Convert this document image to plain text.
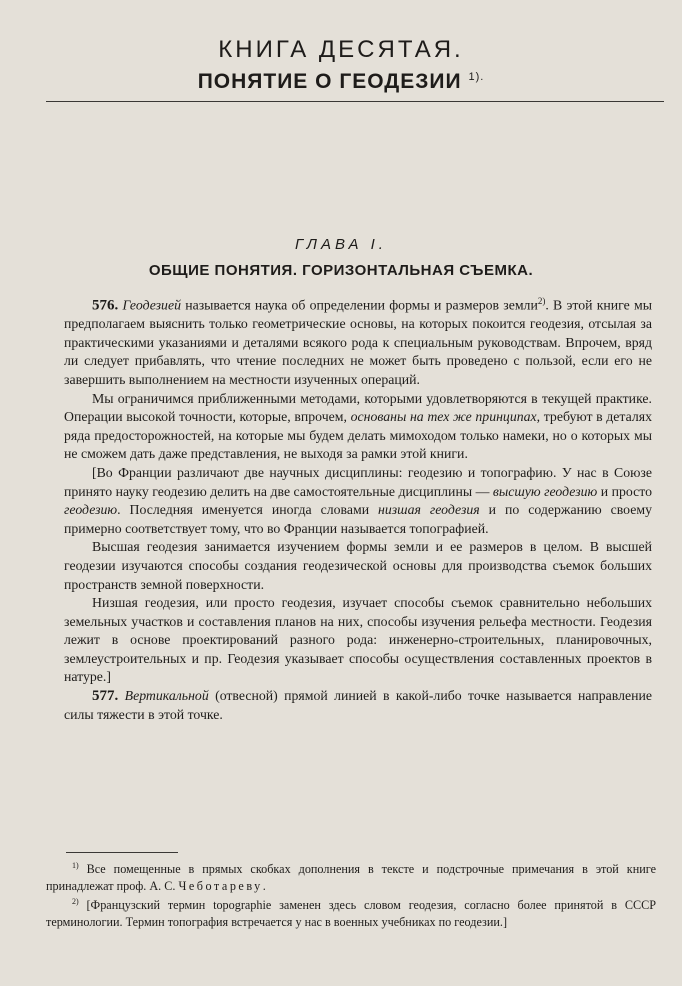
КНИГА ДЕСЯТАЯ.
ПОНЯТИЕ О ГЕОДЕЗИИ $^{1).}$
ГЛАВА I.
ОБЩИЕ ПОНЯТИЯ. ГОРИЗОНТАЛЬНАЯ СЪЕМКА.

576. Геодезией называется наука об определении формы и размеров земли$^{2)}$. В этой книге мы предполагаем выяснить только геометрические основы, на которых покоится геодезия, отсылая за практическими указаниями и деталями всякого рода к специальным руководствам. Впрочем, вряд ли следует прибавлять, что чтение последних не может быть проведено с пользой, если его не завершить выполнением на местности изученных операций.

Мы ограничимся приближенными методами, которыми удовлетворяются в текущей практике. Операции высокой точности, которые, впрочем, основаны на тех же принципах, требуют в деталях ряда предосторожностей, на которые мы будем делать мимоходом только намеки, но о которых мы не сможем дать даже представления, не выходя за рамки этой книги.

[Во Франции различают две научных дисциплины: геодезию и топографию. У нас в Союзе принято науку геодезию делить на две самостоятельные дисциплины — высшую геодезию и просто геодезию. Последняя именуется иногда словами низшая геодезия и по содержанию своему примерно соответствует тому, что во Франции называется топографией.

Высшая геодезия занимается изучением формы земли и ее размеров в целом. В высшей геодезии изучаются способы создания геодезической основы для производства съемок больших пространств земной поверхности.

Низшая геодезия, или просто геодезия, изучает способы съемок сравнительно небольших земельных участков и составления планов на них, способы изучения рельефа местности. Геодезия лежит в основе проектирований разного рода: инженерно-строительных, планировочных, землеустроительных и пр. Геодезия указывает способы осуществления составленных проектов в натуре.]

577. Вертикальной (отвесной) прямой линией в какой-либо точке называется направление силы тяжести в этой точке.

$^{1)}$ Все помещенные в прямых скобках дополнения в тексте и подстрочные примечания в этой книге принадлежат проф. А. С. Чеботареву.

$^{2)}$ [Французский термин topographie заменен здесь словом геодезия, согласно более принятой в СССР терминологии. Термин топография встречается у нас в военных учебниках по геодезии.]
